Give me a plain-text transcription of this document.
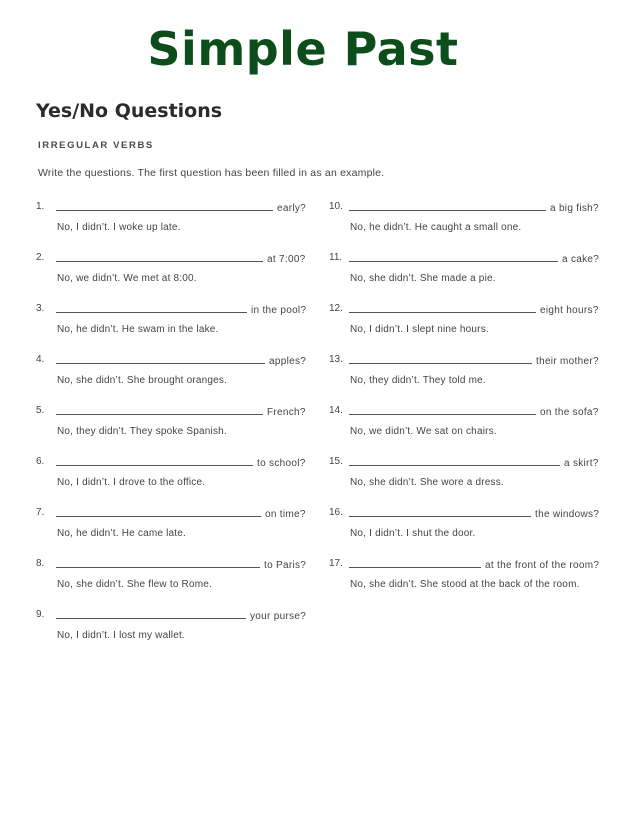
Simple Past
Yes/No Questions
IRREGULAR VERBS
Write the questions. The first question has been filled in as an example.
1.	early?
No, I didn’t. I woke up late.
2.	at 7:00?
No, we didn’t. We met at 8:00.
3.	in the pool?
No, he didn’t. He swam in the lake.
4.	apples?
No, she didn’t. She brought oranges.
5.	French?
No, they didn’t. They spoke Spanish.
6.	to school?
No, I didn’t. I drove to the office.
7.	on time?
No, he didn’t. He came late.
8.	to Paris?
No, she didn’t. She flew to Rome.
9.	your purse?
No, I didn’t. I lost my wallet.
10.	a big fish?
No, he didn’t. He caught a small one.
11.	a cake?
No, she didn’t. She made a pie.
12.	eight hours?
No, I didn’t. I slept nine hours.
13.	their mother?
No, they didn’t. They told me.
14.	on the sofa?
No, we didn’t. We sat on chairs.
15.	a skirt?
No, she didn’t. She wore a dress.
16.	the windows?
No, I didn’t. I shut the door.
17.	at the front of the room?
No, she didn’t. She stood at the back of the room.
